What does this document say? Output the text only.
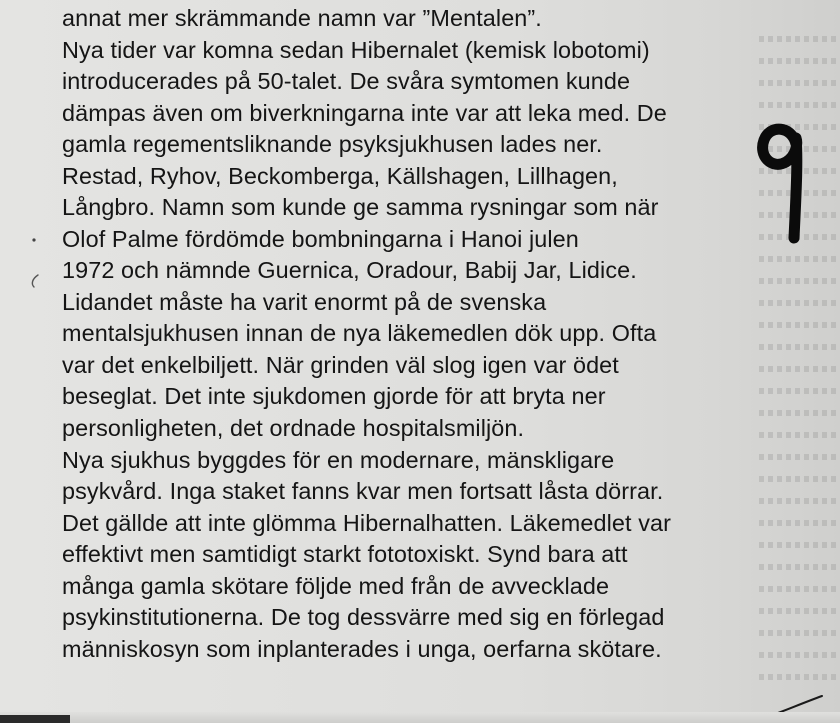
annat mer skrämmande namn var ”Mentalen”.
Nya tider var komna sedan Hibernalet (kemisk lobotomi)
introducerades på 50-talet. De svåra symtomen kunde
dämpas även om biverkningarna inte var att leka med. De
gamla regementsliknande psyksjukhusen lades ner.
Restad, Ryhov, Beckomberga, Källshagen, Lillhagen,
Långbro. Namn som kunde ge samma rysningar som när
Olof Palme fördömde bombningarna i Hanoi julen
1972 och nämnde Guernica, Oradour, Babij Jar, Lidice.
Lidandet måste ha varit enormt på de svenska
mentalsjukhusen innan de nya läkemedlen dök upp. Ofta
var det enkelbiljett. När grinden väl slog igen var ödet
beseglat. Det inte sjukdomen gjorde för att bryta ner
personligheten, det ordnade hospitalsmiljön.
Nya sjukhus byggdes för en modernare, mänskligare
psykvård. Inga staket fanns kvar men fortsatt låsta dörrar.
Det gällde att inte glömma Hibernalhatten. Läkemedlet var
effektivt men samtidigt starkt fototoxiskt. Synd bara att
många gamla skötare följde med från de avvecklade
psykinstitutionerna. De tog dessvärre med sig en förlegad
människosyn som inplanterades i unga, oerfarna skötare.
